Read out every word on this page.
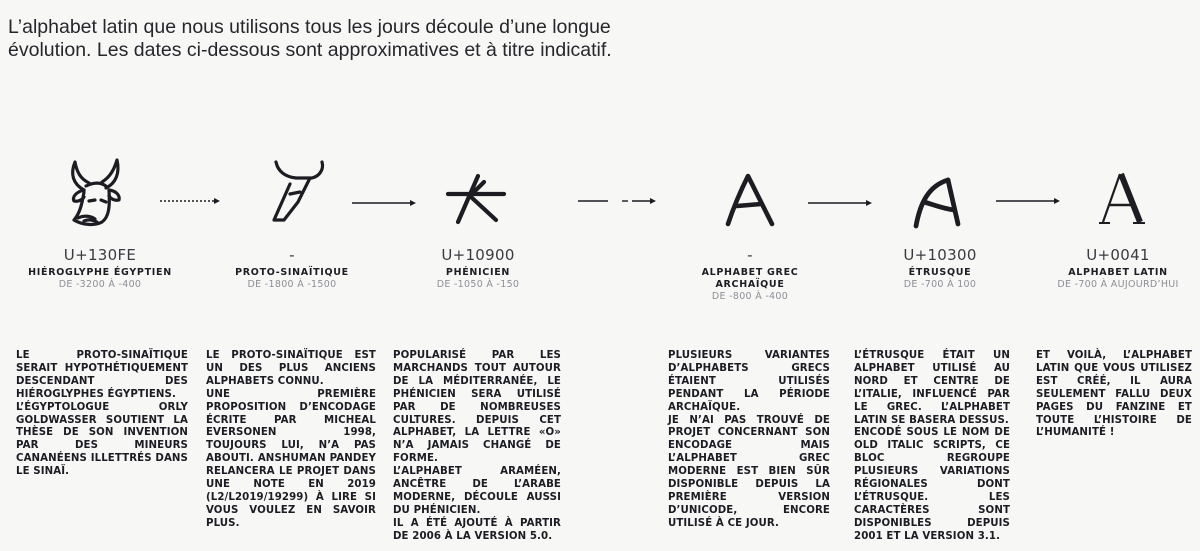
L’alphabet latin que nous utilisons tous les jours découle d’une longue
évolution. Les dates ci-dessous sont approximatives et à titre indicatif.

U+130FE
HIÉROGLYPHE ÉGYPTIEN
DE -3200 À -400
-
PROTO-SINAÏTIQUE
DE -1800 À -1500
U+10900
PHÉNICIEN
DE -1050 À -150
-
ALPHABET GREC ARCHAÏQUE
DE -800 À -400
U+10300
ÉTRUSQUE
DE -700 À 100
U+0041
ALPHABET LATIN
DE -700 À AUJOURD’HUI

LE PROTO-SINAÏTIQUE SERAIT HYPOTHÉTIQUEMENT DESCENDANT DES HIÉROGLYPHES ÉGYPTIENS.
L’ÉGYPTOLOGUE ORLY GOLDWASSER SOUTIENT LA THÈSE DE SON INVENTION PAR DES MINEURS CANANÉENS ILLETTRÉS DANS LE SINAÏ.

LE PROTO-SINAÏTIQUE EST UN DES PLUS ANCIENS ALPHABETS CONNU.
UNE PREMIÈRE PROPOSITION D’ENCODAGE ÉCRITE PAR MICHEAL EVERSONEN 1998, TOUJOURS LUI, N’A PAS ABOUTI. ANSHUMAN PANDEY RELANCERA LE PROJET DANS UNE NOTE EN 2019 (L2/L2019/19299) À LIRE SI VOUS VOULEZ EN SAVOIR PLUS.

POPULARISÉ PAR LES MARCHANDS TOUT AUTOUR DE LA MÉDITERRANÉE, LE PHÉNICIEN SERA UTILISÉ PAR DE NOMBREUSES CULTURES. DEPUIS CET ALPHABET, LA LETTRE «O» N’A JAMAIS CHANGÉ DE FORME.
L’ALPHABET ARAMÉEN, ANCÊTRE DE L’ARABE MODERNE, DÉCOULE AUSSI DU PHÉNICIEN.
IL A ÉTÉ AJOUTÉ À PARTIR DE 2006 À LA VERSION 5.0.

PLUSIEURS VARIANTES D’ALPHABETS GRECS ÉTAIENT UTILISÉS PENDANT LA PÉRIODE ARCHAÏQUE.
JE N’AI PAS TROUVÉ DE PROJET CONCERNANT SON ENCODAGE MAIS L’ALPHABET GREC MODERNE EST BIEN SÛR DISPONIBLE DEPUIS LA PREMIÈRE VERSION D’UNICODE, ENCORE UTILISÉ À CE JOUR.

L’ÉTRUSQUE ÉTAIT UN ALPHABET UTILISÉ AU NORD ET CENTRE DE L’ITALIE, INFLUENCÉ PAR LE GREC. L’ALPHABET LATIN SE BASERA DESSUS.
ENCODÉ SOUS LE NOM DE OLD ITALIC SCRIPTS, CE BLOC REGROUPE PLUSIEURS VARIATIONS RÉGIONALES DONT L’ÉTRUSQUE. LES CARACTÈRES SONT DISPONIBLES DEPUIS 2001 ET LA VERSION 3.1.

ET VOILÀ, L’ALPHABET LATIN QUE VOUS UTILISEZ EST CRÉÉ, IL AURA SEULEMENT FALLU DEUX PAGES DU FANZINE ET TOUTE L’HISTOIRE DE L’HUMANITÉ !
